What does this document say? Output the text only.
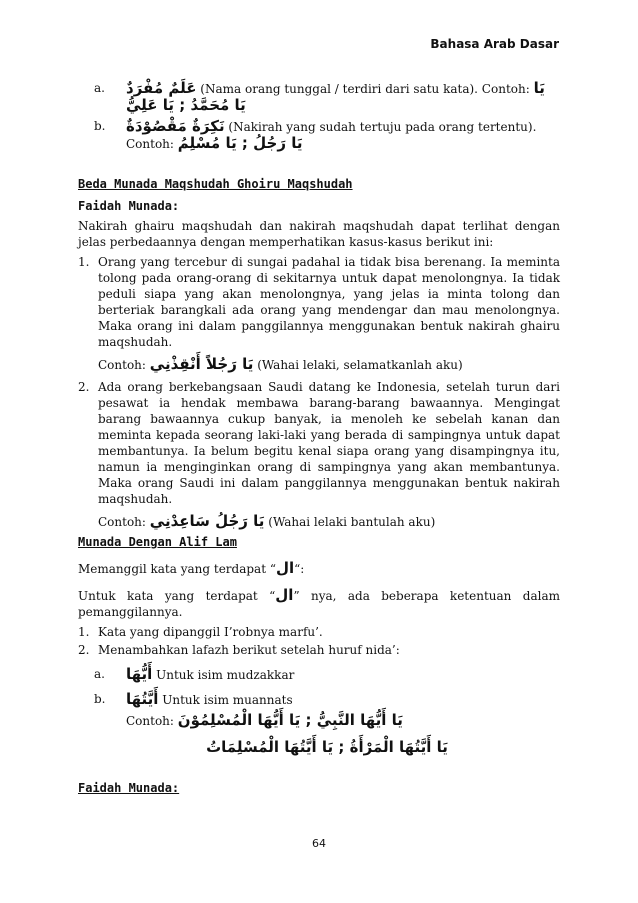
Bahasa Arab Dasar
a.	عَلَمٌ مُفْرَدٌ (Nama orang tunggal / terdiri dari satu kata). Contoh: يَا
يَا مُحَمَّدُ ; يَا عَلِيُّ
b.	نَكِرَةٌ مَقْصُوْدَةٌ (Nakirah yang sudah tertuju pada orang tertentu).
Contoh: يَا رَجُلُ ; يَا مُسْلِمُ
Beda Munada Maqshudah Ghoiru Maqshudah
Faidah Munada:
Nakirah ghairu maqshudah dan nakirah maqshudah dapat terlihat dengan jelas perbedaannya dengan memperhatikan kasus-kasus berikut ini:
1. Orang yang tercebur di sungai padahal ia tidak bisa berenang. Ia meminta tolong pada orang-orang di sekitarnya untuk dapat menolongnya. Ia tidak peduli siapa yang akan menolongnya, yang jelas ia minta tolong dan berteriak barangkali ada orang yang mendengar dan mau menolongnya. Maka orang ini dalam panggilannya menggunakan bentuk nakirah ghairu maqshudah.
Contoh: يَا رَجُلاً أَنْقِذْنِي (Wahai lelaki, selamatkanlah aku)
2. Ada orang berkebangsaan Saudi datang ke Indonesia, setelah turun dari pesawat ia hendak membawa barang-barang bawaannya. Mengingat barang bawaannya cukup banyak, ia menoleh ke sebelah kanan dan meminta kepada seorang laki-laki yang berada di sampingnya untuk dapat membantunya. Ia belum begitu kenal siapa orang yang disampingnya itu, namun ia menginginkan orang di sampingnya yang akan membantunya. Maka orang Saudi ini dalam panggilannya menggunakan bentuk nakirah maqshudah.
Contoh: يَا رَجُلُ سَاعِدْنِي (Wahai lelaki bantulah aku)
Munada Dengan Alif Lam
Memanggil kata yang terdapat “ال“:
Untuk kata yang terdapat “ال” nya, ada beberapa ketentuan dalam pemanggilannya.
1. Kata yang dipanggil I’robnya marfu’.
2. Menambahkan lafazh berikut setelah huruf nida’:
a.	أَيُّهَا Untuk isim mudzakkar
b.	أَيَّتُهَا Untuk isim muannats
Contoh: يَا أَيُّهَا النَّبِيُّ ; يَا أَيُّهَا الْمُسْلِمُوْنَ
يَا أَيَّتُهَا الْمَرْأَةُ ; يَا أَيَّتُهَا الْمُسْلِمَاتُ
Faidah Munada:
64
